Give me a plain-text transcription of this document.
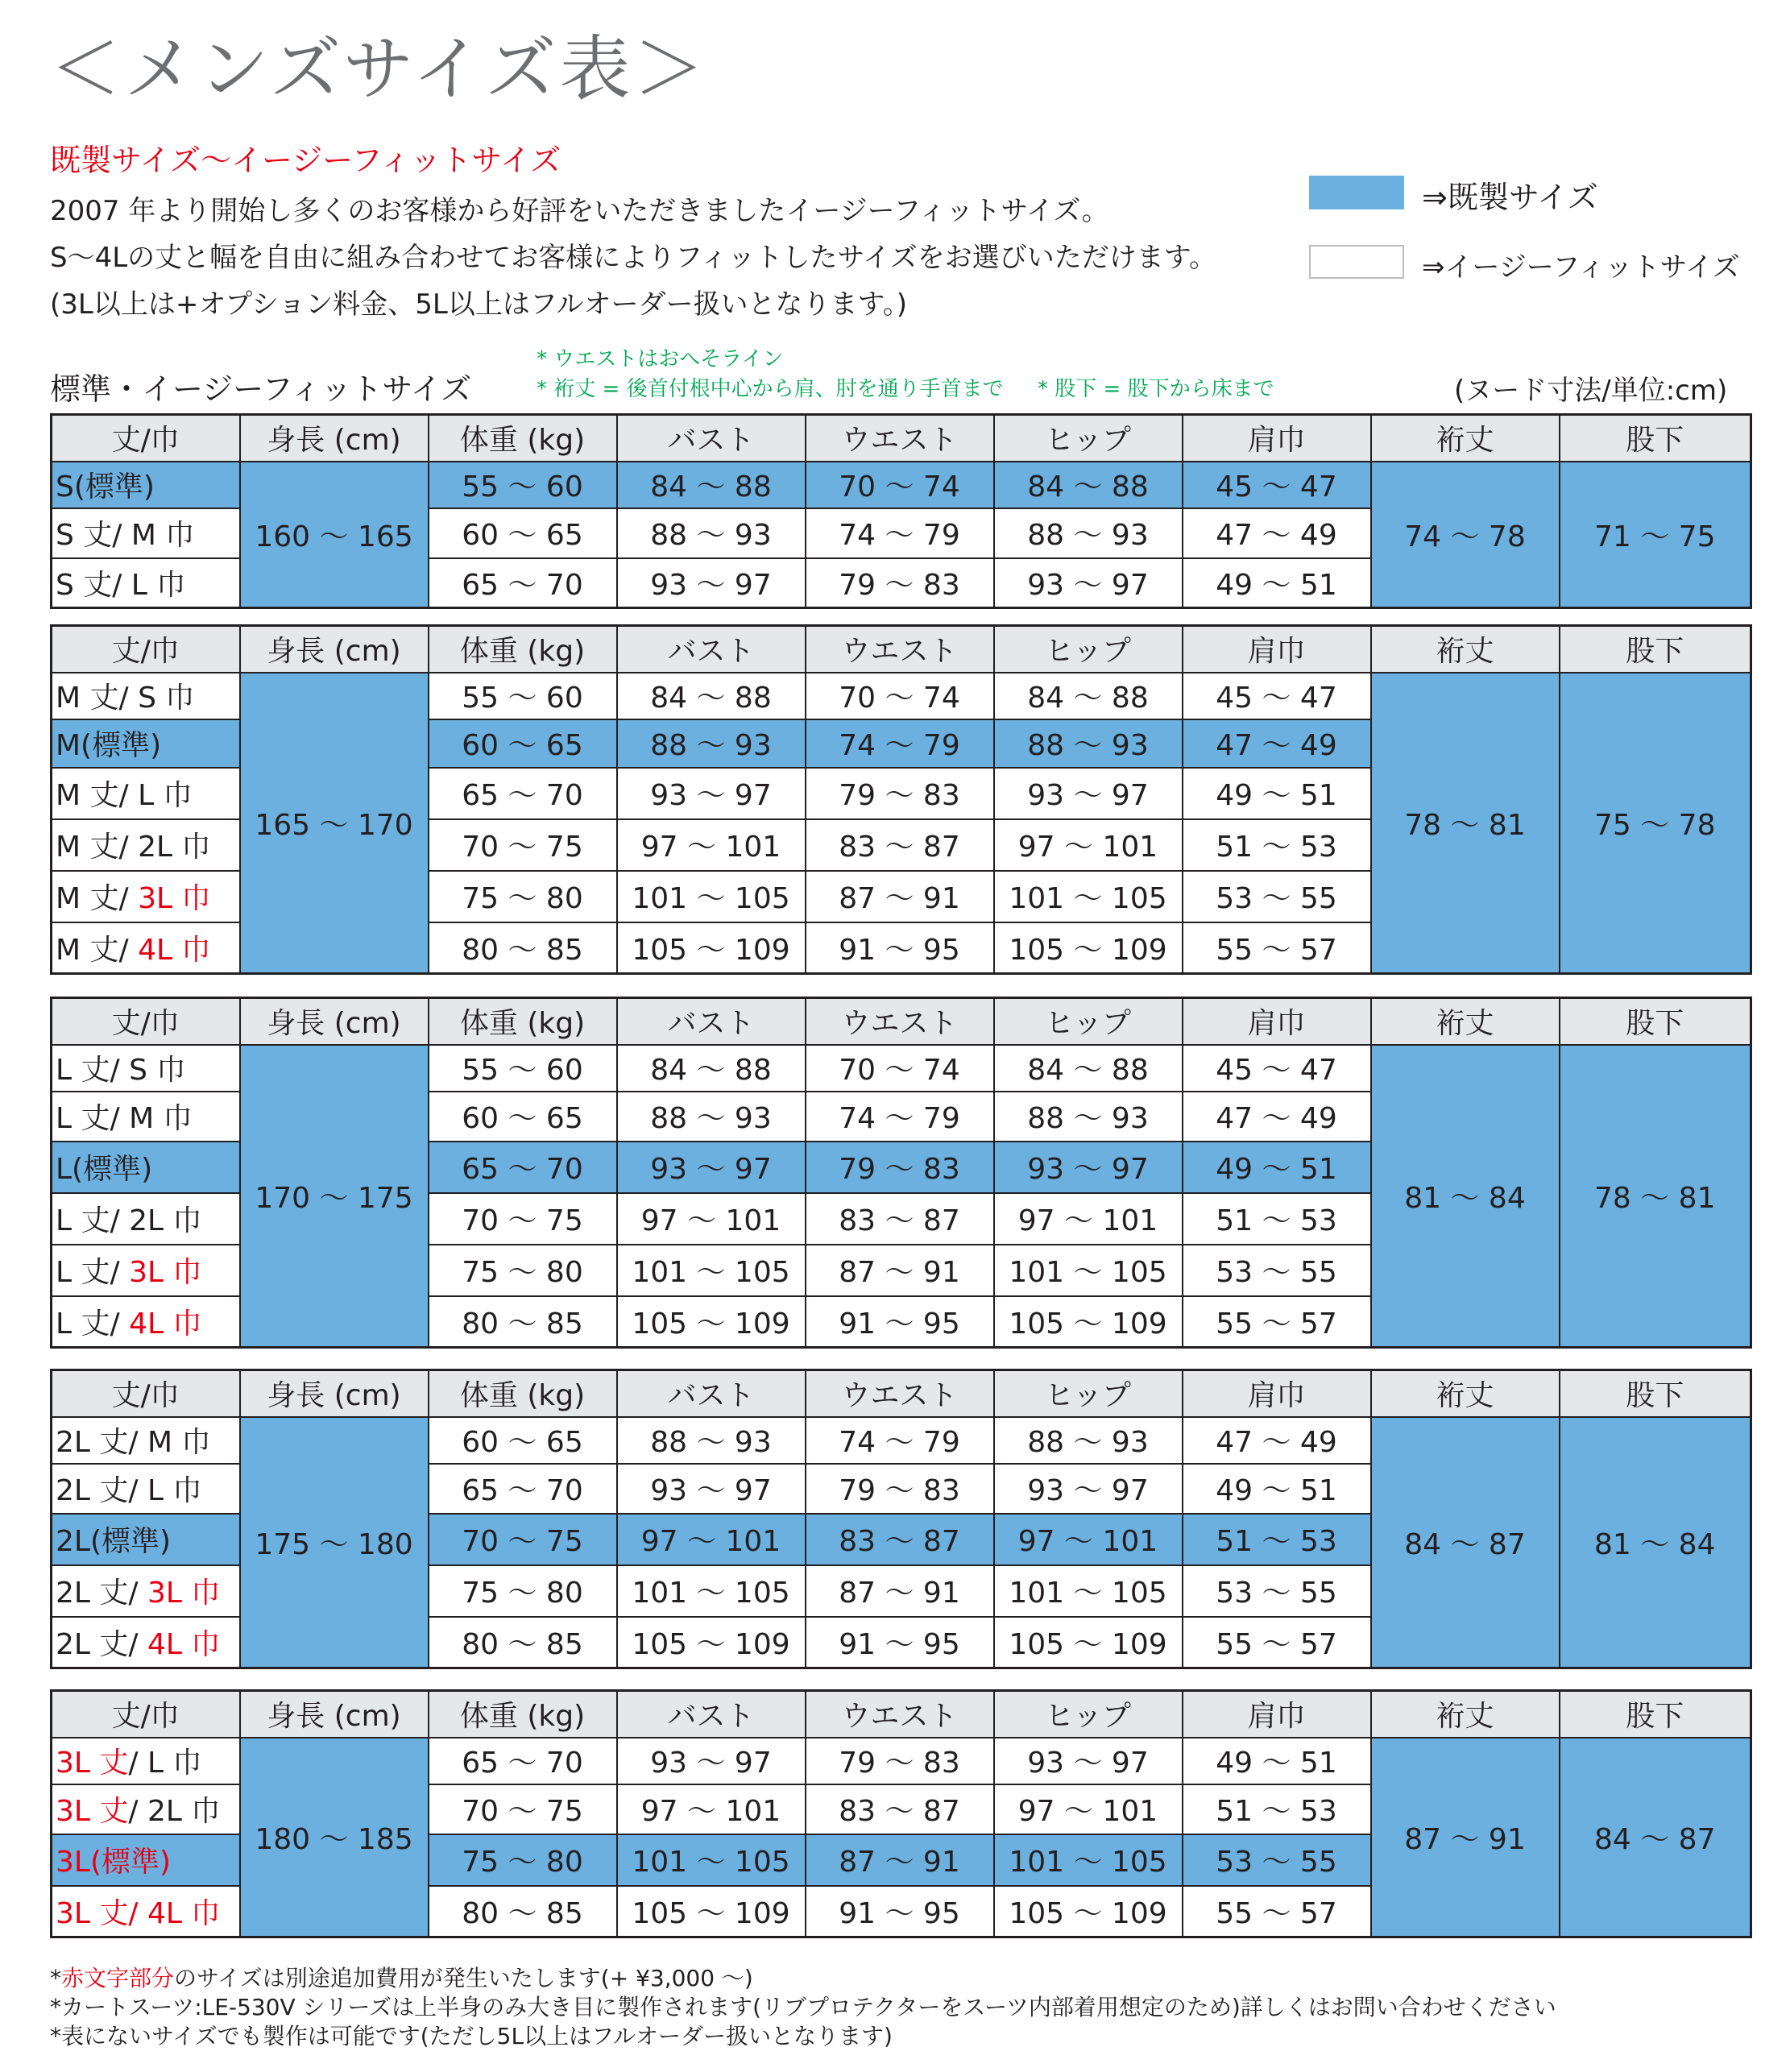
＜メンズサイズ表＞
既製サイズ〜イージーフィットサイズ
2007 年より開始し多くのお客様から好評をいただきましたイージーフィットサイズ。
S〜4Lの丈と幅を自由に組み合わせてお客様によりフィットしたサイズをお選びいただけます。
(3L以上は+オプション料金、5L以上はフルオーダー扱いとなります。)
⇒既製サイズ
⇒イージーフィットサイズ
* ウエストはおへそライン
* 裄丈 = 後首付根中心から肩、肘を通り手首まで * 股下 = 股下から床まで
標準・イージーフィットサイズ	(ヌード寸法/単位:cm)
丈/巾	身長 (cm)	体重 (kg)	バスト	ウエスト	ヒップ	肩巾	裄丈	股下
S(標準)	160 〜 165	55 〜 60	84 〜 88	70 〜 74	84 〜 88	45 〜 47	74 〜 78	71 〜 75
S 丈/ M 巾		60 〜 65	88 〜 93	74 〜 79	88 〜 93	47 〜 49		
S 丈/ L 巾		65 〜 70	93 〜 97	79 〜 83	93 〜 97	49 〜 51		
丈/巾	身長 (cm)	体重 (kg)	バスト	ウエスト	ヒップ	肩巾	裄丈	股下
M 丈/ S 巾	165 〜 170	55 〜 60	84 〜 88	70 〜 74	84 〜 88	45 〜 47	78 〜 81	75 〜 78
M(標準)		60 〜 65	88 〜 93	74 〜 79	88 〜 93	47 〜 49		
M 丈/ L 巾		65 〜 70	93 〜 97	79 〜 83	93 〜 97	49 〜 51		
M 丈/ 2L 巾		70 〜 75	97 〜 101	83 〜 87	97 〜 101	51 〜 53		
M 丈/ 3L 巾		75 〜 80	101 〜 105	87 〜 91	101 〜 105	53 〜 55		
M 丈/ 4L 巾		80 〜 85	105 〜 109	91 〜 95	105 〜 109	55 〜 57		
丈/巾	身長 (cm)	体重 (kg)	バスト	ウエスト	ヒップ	肩巾	裄丈	股下
L 丈/ S 巾	170 〜 175	55 〜 60	84 〜 88	70 〜 74	84 〜 88	45 〜 47	81 〜 84	78 〜 81
L 丈/ M 巾		60 〜 65	88 〜 93	74 〜 79	88 〜 93	47 〜 49		
L(標準)		65 〜 70	93 〜 97	79 〜 83	93 〜 97	49 〜 51		
L 丈/ 2L 巾		70 〜 75	97 〜 101	83 〜 87	97 〜 101	51 〜 53		
L 丈/ 3L 巾		75 〜 80	101 〜 105	87 〜 91	101 〜 105	53 〜 55		
L 丈/ 4L 巾		80 〜 85	105 〜 109	91 〜 95	105 〜 109	55 〜 57		
丈/巾	身長 (cm)	体重 (kg)	バスト	ウエスト	ヒップ	肩巾	裄丈	股下
2L 丈/ M 巾	175 〜 180	60 〜 65	88 〜 93	74 〜 79	88 〜 93	47 〜 49	84 〜 87	81 〜 84
2L 丈/ L 巾		65 〜 70	93 〜 97	79 〜 83	93 〜 97	49 〜 51		
2L(標準)		70 〜 75	97 〜 101	83 〜 87	97 〜 101	51 〜 53		
2L 丈/ 3L 巾		75 〜 80	101 〜 105	87 〜 91	101 〜 105	53 〜 55		
2L 丈/ 4L 巾		80 〜 85	105 〜 109	91 〜 95	105 〜 109	55 〜 57		
丈/巾	身長 (cm)	体重 (kg)	バスト	ウエスト	ヒップ	肩巾	裄丈	股下
3L 丈/ L 巾	180 〜 185	65 〜 70	93 〜 97	79 〜 83	93 〜 97	49 〜 51	87 〜 91	84 〜 87
3L 丈/ 2L 巾		70 〜 75	97 〜 101	83 〜 87	97 〜 101	51 〜 53		
3L(標準)		75 〜 80	101 〜 105	87 〜 91	101 〜 105	53 〜 55		
3L 丈/ 4L 巾		80 〜 85	105 〜 109	91 〜 95	105 〜 109	55 〜 57		
*赤文字部分のサイズは別途追加費用が発生いたします(+ ¥3,000 〜)
*カートスーツ:LE-530V シリーズは上半身のみ大き目に製作されます(リブプロテクターをスーツ内部着用想定のため)詳しくはお問い合わせください
*表にないサイズでも製作は可能です(ただし5L以上はフルオーダー扱いとなります)
